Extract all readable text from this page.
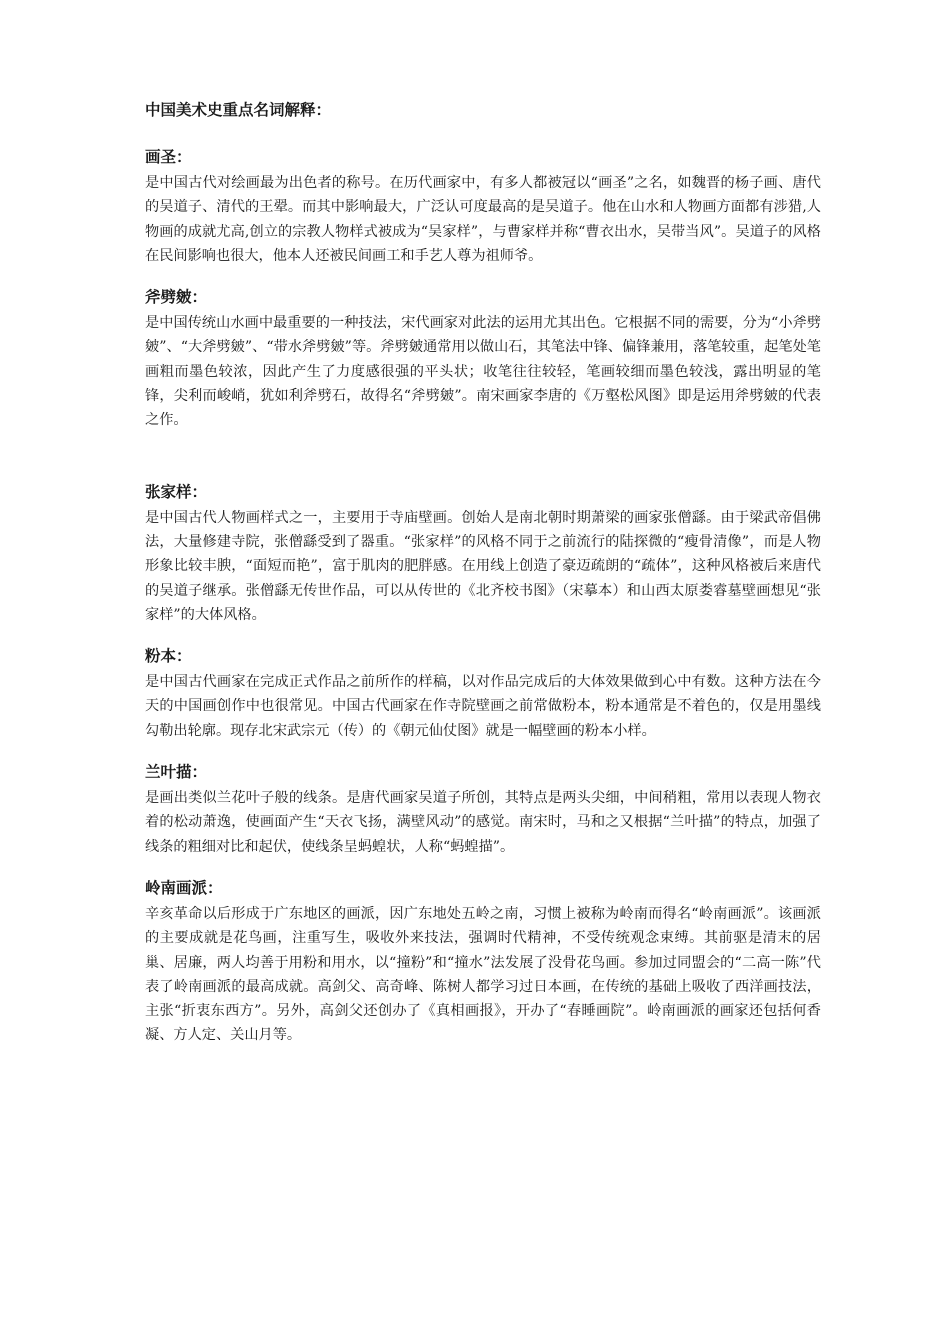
中国美术史重点名词解释：
画圣：

是中国古代对绘画最为出色者的称号。在历代画家中，有多人都被冠以“画圣”之名，如魏晋的杨子画、唐代的吴道子、清代的王翚。而其中影响最大，广泛认可度最高的是吴道子。他在山水和人物画方面都有涉猎,人物画的成就尤高,创立的宗教人物样式被成为“吴家样”，与曹家样并称“曹衣出水，吴带当风”。吴道子的风格在民间影响也很大，他本人还被民间画工和手艺人尊为祖师爷。

斧劈皴：

是中国传统山水画中最重要的一种技法，宋代画家对此法的运用尤其出色。它根据不同的需要，分为“小斧劈皴”、“大斧劈皴”、“带水斧劈皴”等。斧劈皴通常用以做山石，其笔法中锋、偏锋兼用，落笔较重，起笔处笔画粗而墨色较浓，因此产生了力度感很强的平头状；收笔往往较轻，笔画较细而墨色较浅，露出明显的笔锋，尖利而峻峭，犹如利斧劈石，故得名“斧劈皴”。南宋画家李唐的《万壑松风图》即是运用斧劈皴的代表之作。

张家样：

是中国古代人物画样式之一，主要用于寺庙壁画。创始人是南北朝时期萧梁的画家张僧繇。由于梁武帝倡佛法，大量修建寺院，张僧繇受到了器重。“张家样”的风格不同于之前流行的陆探微的“瘦骨清像”，而是人物形象比较丰腴，“面短而艳”，富于肌肉的肥胖感。在用线上创造了豪迈疏朗的“疏体”，这种风格被后来唐代的吴道子继承。张僧繇无传世作品，可以从传世的《北齐校书图》（宋摹本）和山西太原娄睿墓壁画想见“张家样”的大体风格。

粉本：

是中国古代画家在完成正式作品之前所作的样稿，以对作品完成后的大体效果做到心中有数。这种方法在今天的中国画创作中也很常见。中国古代画家在作寺院壁画之前常做粉本，粉本通常是不着色的，仅是用墨线勾勒出轮廓。现存北宋武宗元（传）的《朝元仙仗图》就是一幅壁画的粉本小样。

兰叶描：

是画出类似兰花叶子般的线条。是唐代画家吴道子所创，其特点是两头尖细，中间稍粗，常用以表现人物衣着的松动萧逸，使画面产生“天衣飞扬，满壁风动”的感觉。南宋时，马和之又根据“兰叶描”的特点，加强了线条的粗细对比和起伏，使线条呈蚂蝗状，人称“蚂蝗描”。

岭南画派：

辛亥革命以后形成于广东地区的画派，因广东地处五岭之南，习惯上被称为岭南而得名“岭南画派”。该画派的主要成就是花鸟画，注重写生，吸收外来技法，强调时代精神，不受传统观念束缚。其前驱是清末的居巢、居廉，两人均善于用粉和用水，以“撞粉”和“撞水”法发展了没骨花鸟画。参加过同盟会的“二高一陈”代表了岭南画派的最高成就。高剑父、高奇峰、陈树人都学习过日本画，在传统的基础上吸收了西洋画技法，主张“折衷东西方”。另外，高剑父还创办了《真相画报》，开办了“春睡画院”。岭南画派的画家还包括何香凝、方人定、关山月等。
